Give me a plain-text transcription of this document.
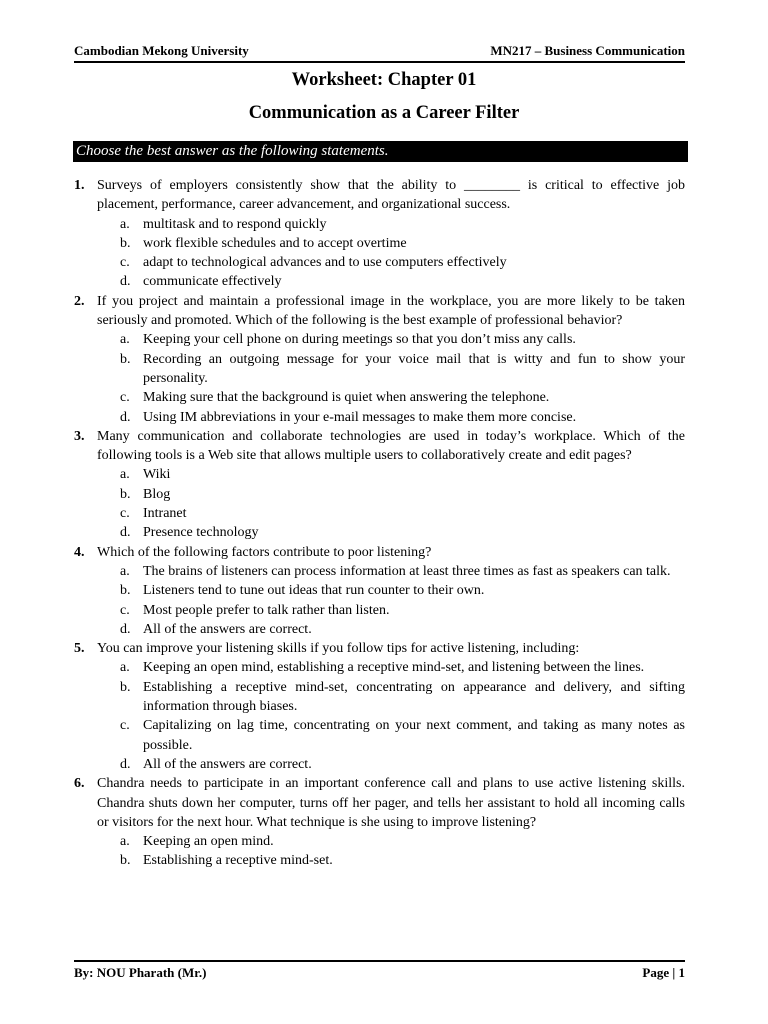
Cambodian Mekong University	MN217 – Business Communication
Worksheet: Chapter 01
Communication as a Career Filter
Choose the best answer as the following statements.
1. Surveys of employers consistently show that the ability to ________ is critical to effective job placement, performance, career advancement, and organizational success.
a. multitask and to respond quickly
b. work flexible schedules and to accept overtime
c. adapt to technological advances and to use computers effectively
d. communicate effectively
2. If you project and maintain a professional image in the workplace, you are more likely to be taken seriously and promoted. Which of the following is the best example of professional behavior?
a. Keeping your cell phone on during meetings so that you don’t miss any calls.
b. Recording an outgoing message for your voice mail that is witty and fun to show your personality.
c. Making sure that the background is quiet when answering the telephone.
d. Using IM abbreviations in your e-mail messages to make them more concise.
3. Many communication and collaborate technologies are used in today’s workplace. Which of the following tools is a Web site that allows multiple users to collaboratively create and edit pages?
a. Wiki
b. Blog
c. Intranet
d. Presence technology
4. Which of the following factors contribute to poor listening?
a. The brains of listeners can process information at least three times as fast as speakers can talk.
b. Listeners tend to tune out ideas that run counter to their own.
c. Most people prefer to talk rather than listen.
d. All of the answers are correct.
5. You can improve your listening skills if you follow tips for active listening, including:
a. Keeping an open mind, establishing a receptive mind-set, and listening between the lines.
b. Establishing a receptive mind-set, concentrating on appearance and delivery, and sifting information through biases.
c. Capitalizing on lag time, concentrating on your next comment, and taking as many notes as possible.
d. All of the answers are correct.
6. Chandra needs to participate in an important conference call and plans to use active listening skills. Chandra shuts down her computer, turns off her pager, and tells her assistant to hold all incoming calls or visitors for the next hour. What technique is she using to improve listening?
a. Keeping an open mind.
b. Establishing a receptive mind-set.
By: NOU Pharath (Mr.)	Page | 1
